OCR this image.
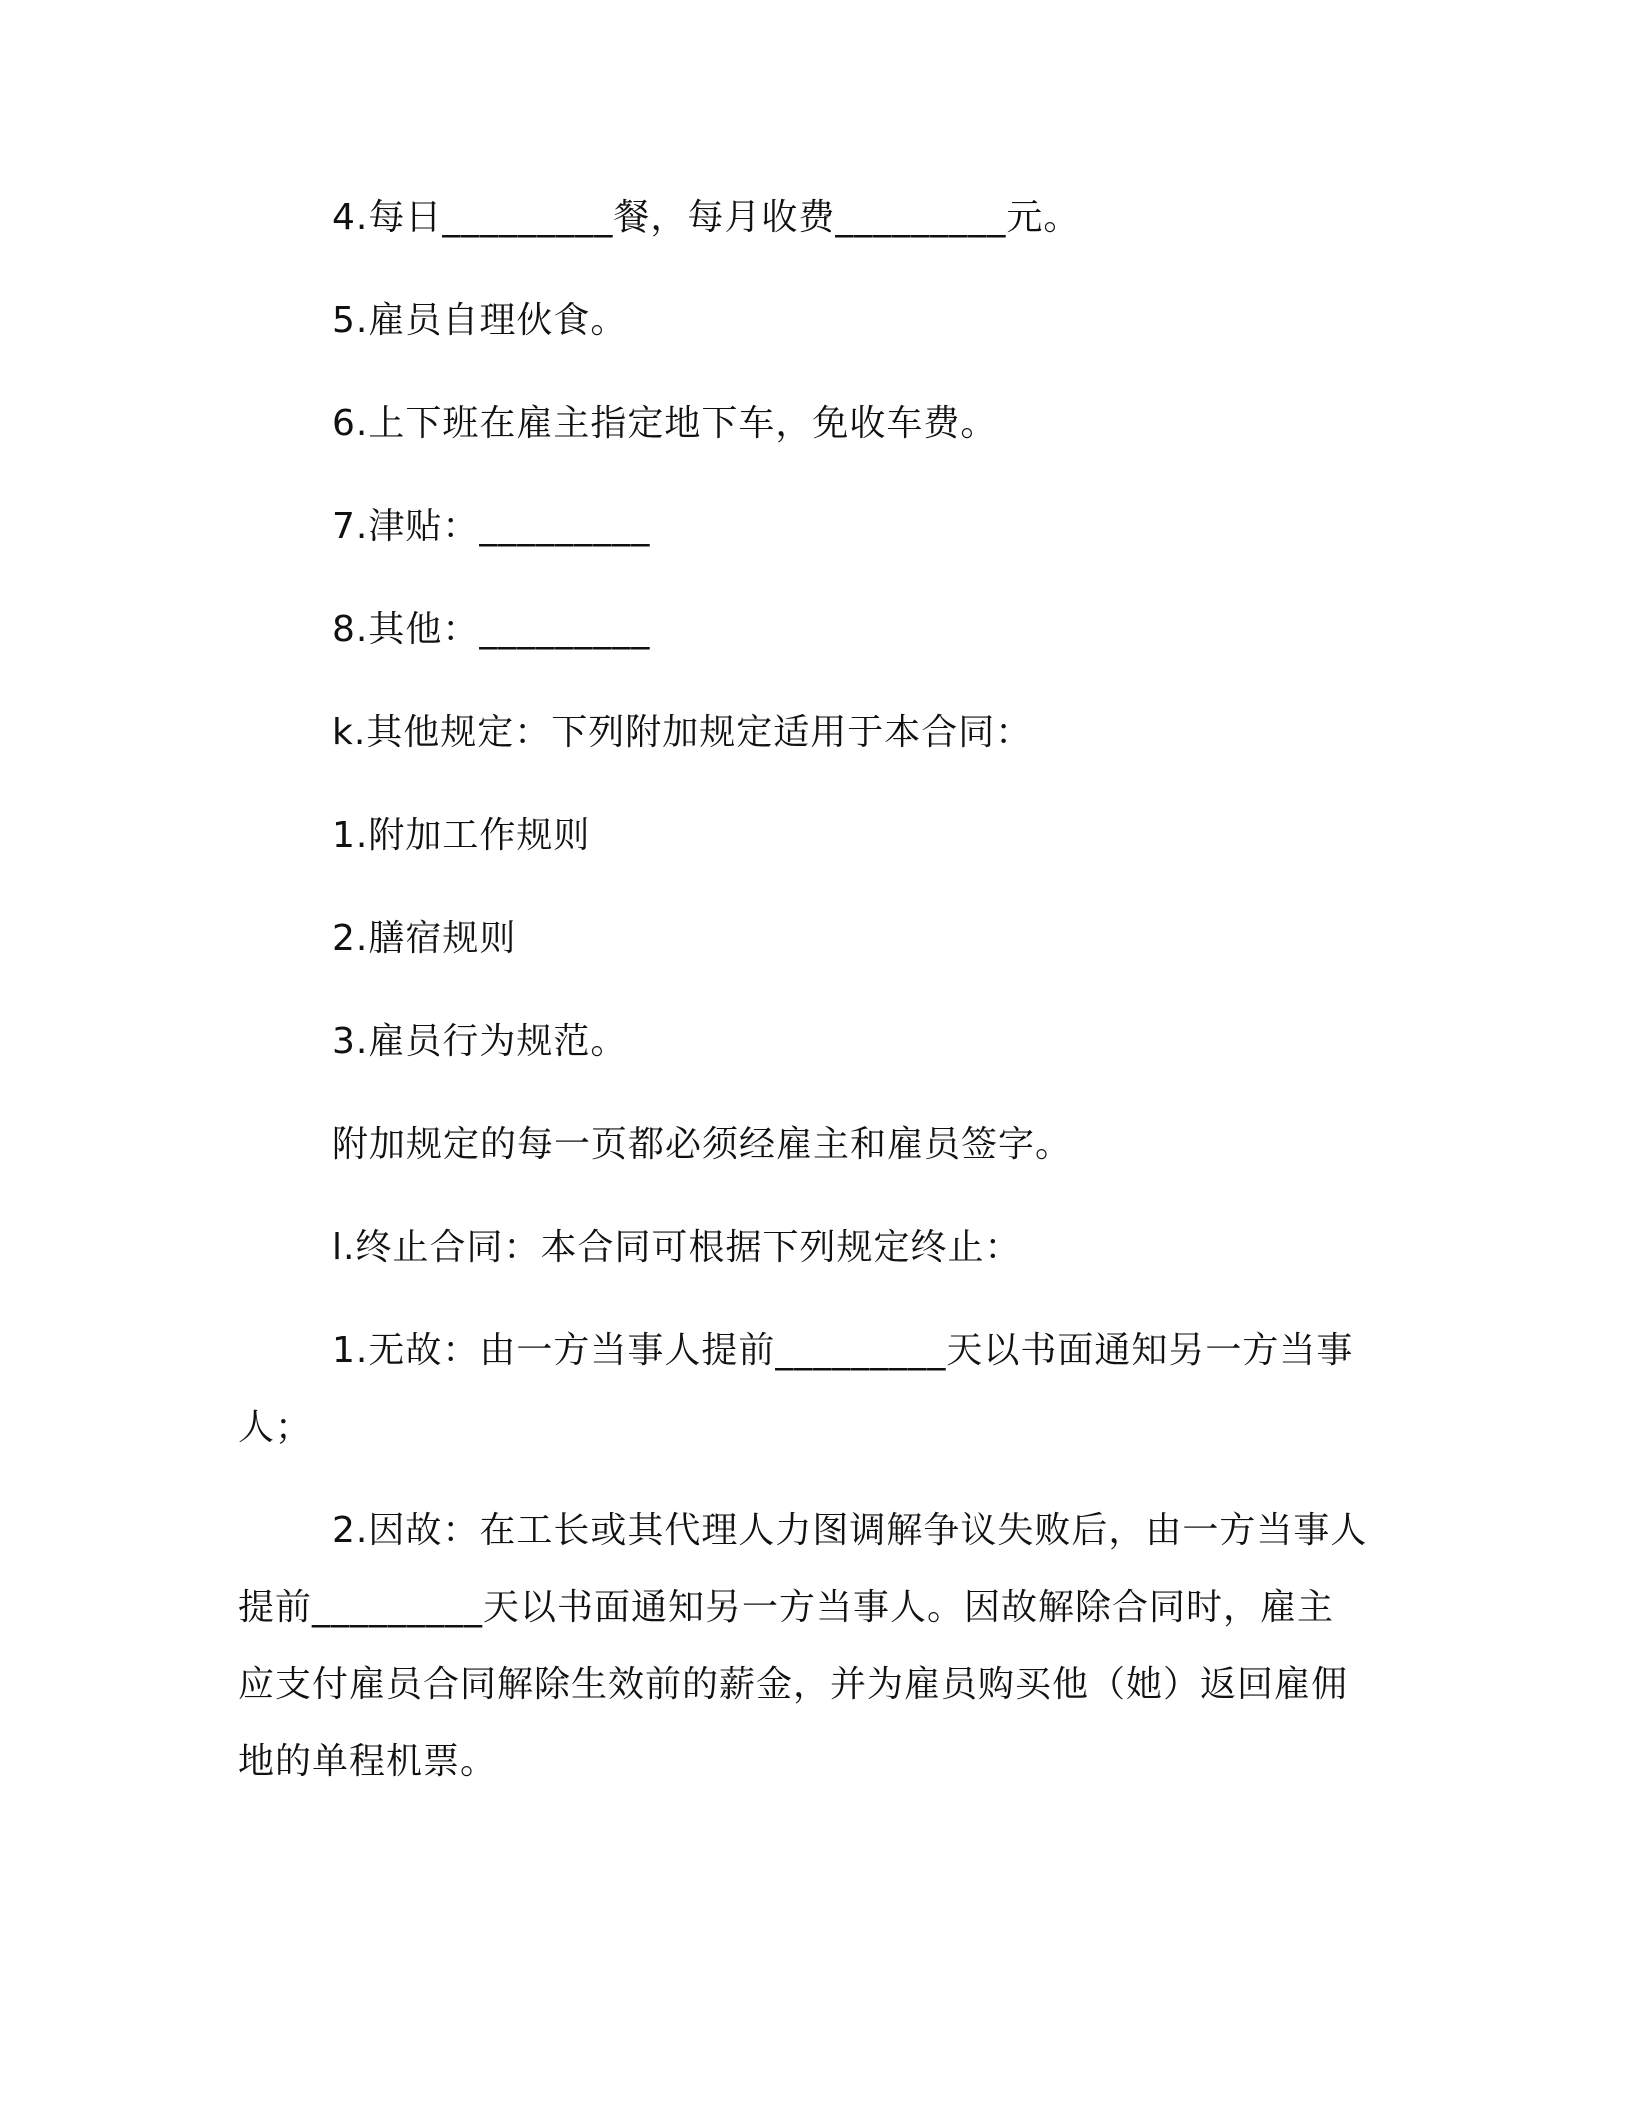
4.每日_________餐，每月收费_________元。
5.雇员自理伙食。
6.上下班在雇主指定地下车，免收车费。
7.津贴：_________
8.其他：_________
k.其他规定：下列附加规定适用于本合同：
1.附加工作规则
2.膳宿规则
3.雇员行为规范。
附加规定的每一页都必须经雇主和雇员签字。
l.终止合同：本合同可根据下列规定终止：
1.无故：由一方当事人提前_________天以书面通知另一方当事
人；
2.因故：在工长或其代理人力图调解争议失败后，由一方当事人
提前_________天以书面通知另一方当事人。因故解除合同时，雇主
应支付雇员合同解除生效前的薪金，并为雇员购买他（她）返回雇佣
地的单程机票。
